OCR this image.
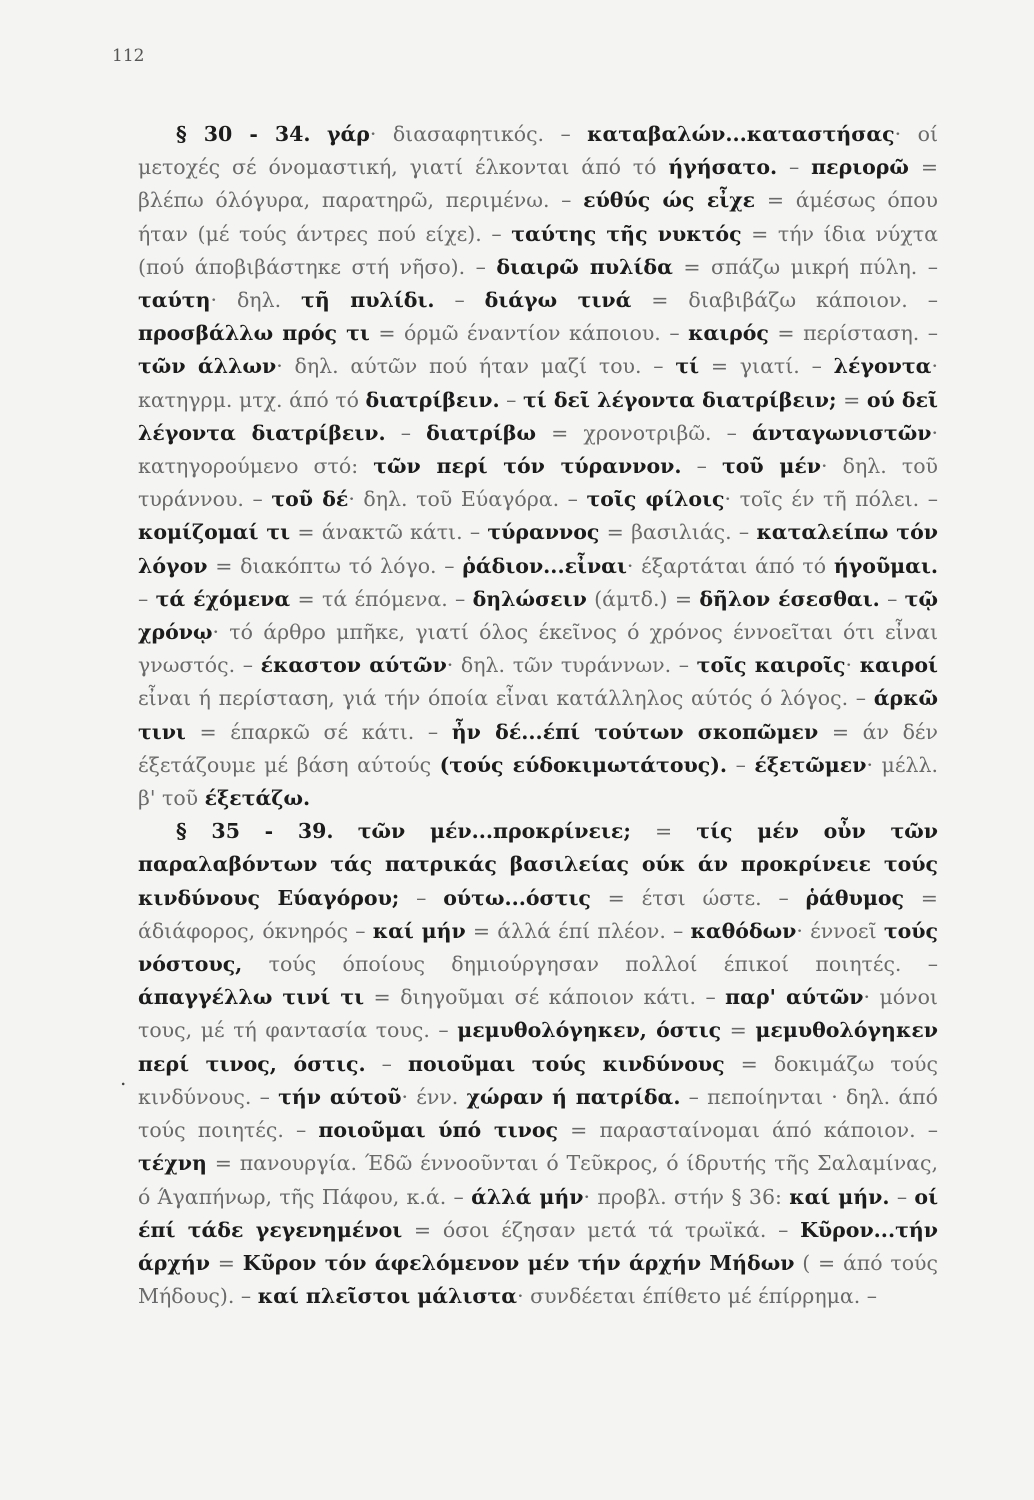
112
.

§ 30 - 34. γάρ· διασαφητικός. – καταβαλών...καταστήσας· οί μετοχές σέ όνομαστική, γιατί έλκονται άπό τό ήγήσατο. – περιορῶ = βλέπω όλόγυρα, παρατηρῶ, περιμένω. – εύθύς ώς εἶχε = άμέσως όπου ήταν (μέ τούς άντρες πού είχε). – ταύτης τῆς νυκτός = τήν ίδια νύχτα (πού άποβιβάστηκε στή νῆσο). – διαιρῶ πυλίδα = σπάζω μικρή πύλη. – ταύτη· δηλ. τῆ πυλίδι. – διάγω τινά = διαβιβάζω κάποιον. – προσβάλλω πρός τι = όρμῶ έναντίον κάποιου. – καιρός = περίσταση. – τῶν άλλων· δηλ. αύτῶν πού ήταν μαζί του. – τί = γιατί. – λέγοντα· κατηγρμ. μτχ. άπό τό διατρίβειν. – τί δεῖ λέγοντα διατρίβειν; = ού δεῖ λέγοντα διατρίβειν. – διατρίβω = χρονοτριβῶ. – άνταγωνιστῶν· κατηγορούμενο στό: τῶν περί τόν τύραννον. – τοῦ μέν· δηλ. τοῦ τυράννου. – τοῦ δέ· δηλ. τοῦ Εύαγόρα. – τοῖς φίλοις· τοῖς έν τῆ πόλει. – κομίζομαί τι = άνακτῶ κάτι. – τύραννος = βασιλιάς. – καταλείπω τόν λόγον = διακόπτω τό λόγο. – ῥάδιον...εἶναι· έξαρτάται άπό τό ήγοῦμαι. – τά έχόμενα = τά έπόμενα. – δηλώσειν (άμτδ.) = δῆλον έσεσθαι. – τῷ χρόνῳ· τό άρθρο μπῆκε, γιατί όλος έκεῖνος ό χρόνος έννοεῖται ότι εἶναι γνωστός. – έκαστον αύτῶν· δηλ. τῶν τυράννων. – τοῖς καιροῖς· καιροί εἶναι ή περίσταση, γιά τήν όποία εἶναι κατάλληλος αύτός ό λόγος. – άρκῶ τινι = έπαρκῶ σέ κάτι. – ἦν δέ...έπί τούτων σκοπῶμεν = άν δέν έξετάζουμε μέ βάση αύτούς (τούς εύδοκιμωτάτους). – έξετῶμεν· μέλλ. β' τοῦ έξετάζω.

§ 35 - 39. τῶν μέν...προκρίνειε; = τίς μέν οὖν τῶν παραλαβόντων τάς πατρικάς βασιλείας ούκ άν προκρίνειε τούς κινδύνους Εύαγόρου; – ούτω...όστις = έτσι ώστε. – ῥάθυμος = άδιάφορος, όκνηρός – καί μήν = άλλά έπί πλέον. – καθόδων· έννοεῖ τούς νόστους, τούς όποίους δημιούργησαν πολλοί έπικοί ποιητές. – άπαγγέλλω τινί τι = διηγοῦμαι σέ κάποιον κάτι. – παρ' αύτῶν· μόνοι τους, μέ τή φαντασία τους. – μεμυθολόγηκεν, όστις = μεμυθολόγηκεν περί τινος, όστις. – ποιοῦμαι τούς κινδύνους = δοκιμάζω τούς κινδύνους. – τήν αύτοῦ· ένν. χώραν ή πατρίδα. – πεποίηνται · δηλ. άπό τούς ποιητές. – ποιοῦμαι ύπό τινος = παρασταίνομαι άπό κάποιον. – τέχνη = πανουργία. Έδῶ έννοοῦνται ό Τεῦκρος, ό ίδρυτής τῆς Σαλαμίνας, ό Άγαπήνωρ, τῆς Πάφου, κ.ά. – άλλά μήν· προβλ. στήν § 36: καί μήν. – οί έπί τάδε γεγενημένοι = όσοι έζησαν μετά τά τρωϊκά. – Κῦρον...τήν άρχήν = Κῦρον τόν άφελόμενον μέν τήν άρχήν Μήδων ( = άπό τούς Μήδους). – καί πλεῖστοι μάλιστα· συνδέεται έπίθετο μέ έπίρρημα. –
